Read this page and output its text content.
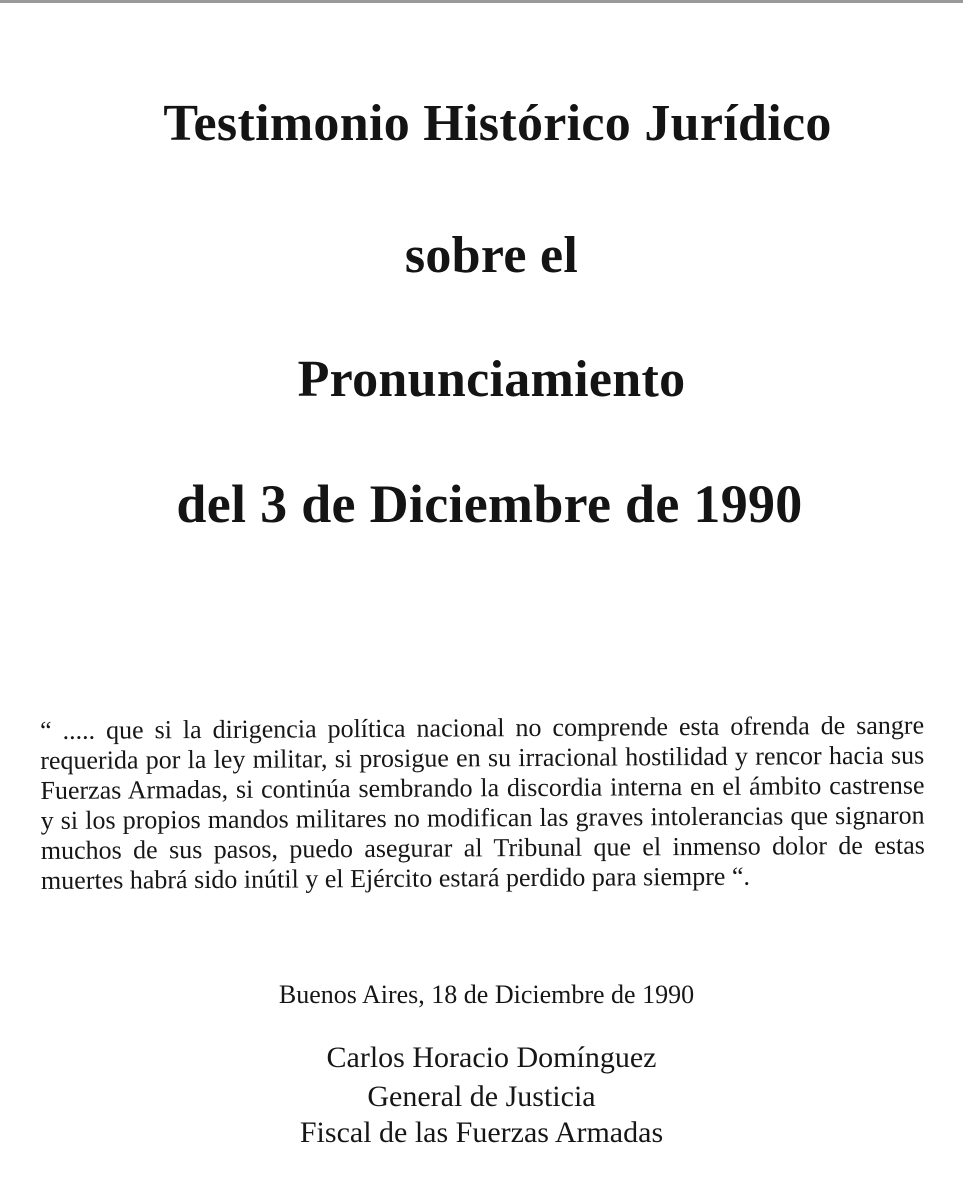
Testimonio Histórico Jurídico
sobre el
Pronunciamiento
del 3 de Diciembre de 1990
“ ..... que si la dirigencia política nacional no comprende esta ofrenda de sangre requerida por la ley militar, si prosigue en su irracional hostilidad y rencor hacia sus Fuerzas Armadas, si continúa sembrando la discordia interna en el ámbito castrense y si los propios mandos militares no modifican las graves intolerancias que signaron muchos de sus pasos, puedo asegurar al Tribunal que el inmenso dolor de estas muertes habrá sido inútil y el Ejército estará perdido para siempre “.
Buenos Aires, 18 de Diciembre de 1990
Carlos Horacio Domínguez
General de Justicia
Fiscal de las Fuerzas Armadas
